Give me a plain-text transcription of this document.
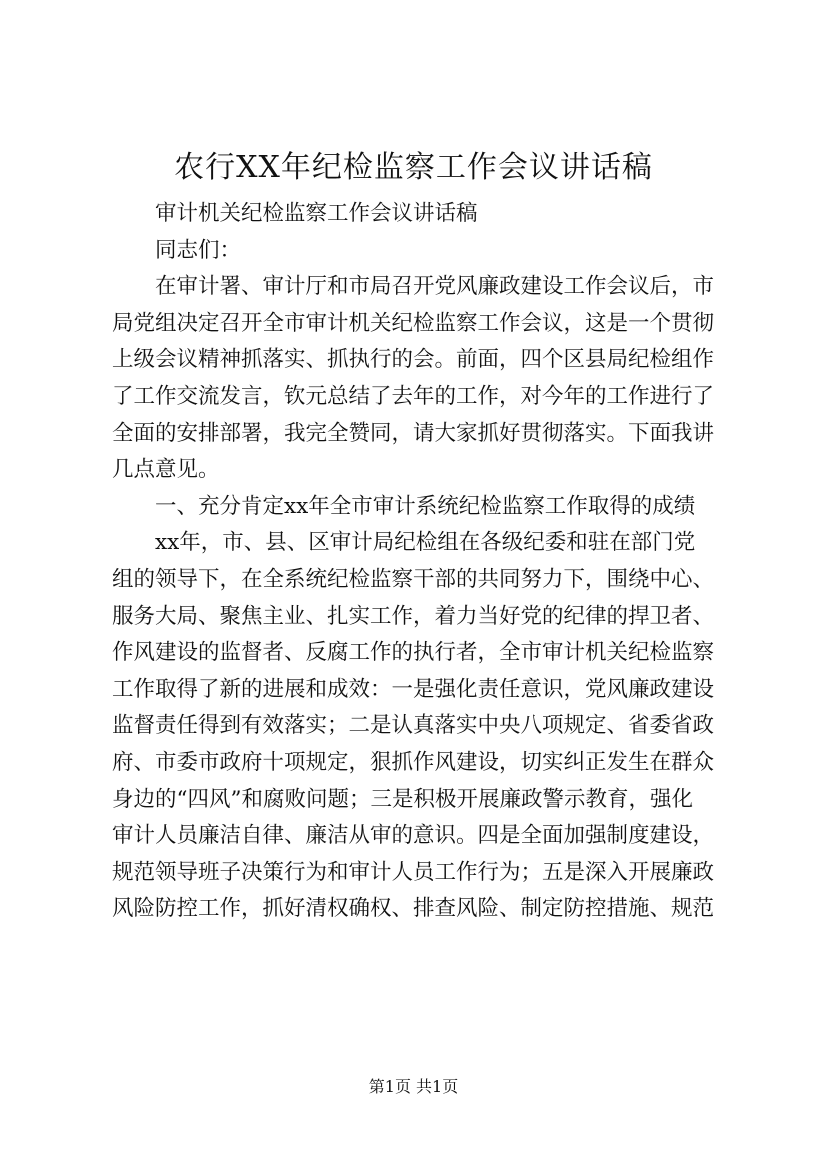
农行XX年纪检监察工作会议讲话稿

审计机关纪检监察工作会议讲话稿

同志们：

在审计署、审计厅和市局召开党风廉政建设工作会议后，市
局党组决定召开全市审计机关纪检监察工作会议，这是一个贯彻
上级会议精神抓落实、抓执行的会。前面，四个区县局纪检组作
了工作交流发言，钦元总结了去年的工作，对今年的工作进行了
全面的安排部署，我完全赞同，请大家抓好贯彻落实。下面我讲
几点意见。

一、充分肯定xx年全市审计系统纪检监察工作取得的成绩

xx年，市、县、区审计局纪检组在各级纪委和驻在部门党
组的领导下，在全系统纪检监察干部的共同努力下，围绕中心、
服务大局、聚焦主业、扎实工作，着力当好党的纪律的捍卫者、
作风建设的监督者、反腐工作的执行者，全市审计机关纪检监察
工作取得了新的进展和成效：一是强化责任意识，党风廉政建设
监督责任得到有效落实；二是认真落实中央八项规定、省委省政
府、市委市政府十项规定，狠抓作风建设，切实纠正发生在群众
身边的“四风”和腐败问题；三是积极开展廉政警示教育，强化
审计人员廉洁自律、廉洁从审的意识。四是全面加强制度建设，
规范领导班子决策行为和审计人员工作行为；五是深入开展廉政
风险防控工作，抓好清权确权、排查风险、制定防控措施、规范

第1页 共1页
